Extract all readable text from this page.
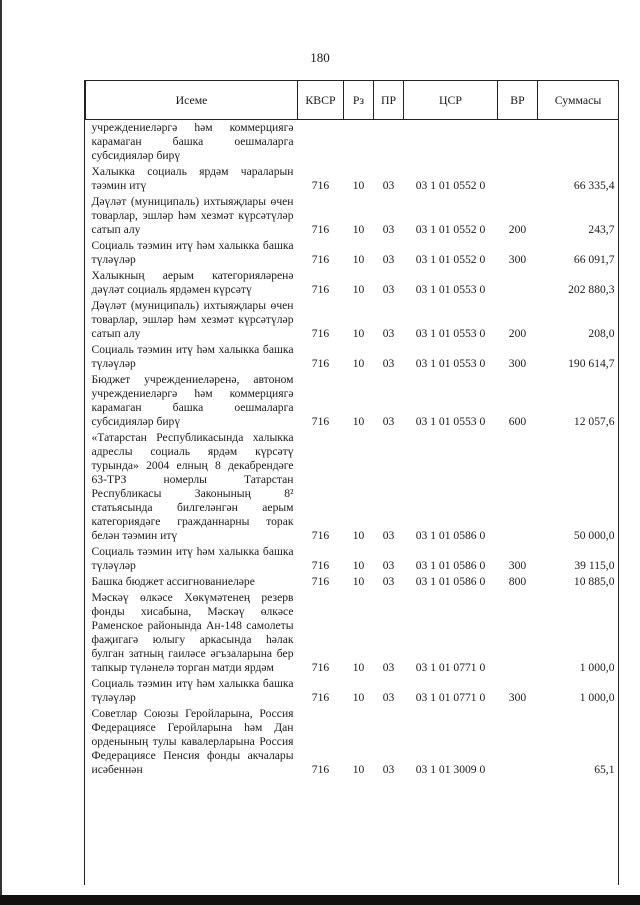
180
Исеме	КВСР	Рз	ПР	ЦСР	ВР	Суммасы
учреждениеләргә һәм коммерциягә карамаган башка оешмаларга субсидияләр бирү						
Халыкка социаль ярдәм чараларын тәэмин итү	716	10	03	03 1 01 0552 0		66 335,4
Дәүләт (муниципаль) ихтыяҗлары өчен товарлар, эшләр һәм хезмәт күрсәтүләр сатып алу	716	10	03	03 1 01 0552 0	200	243,7
Социаль тәэмин итү һәм халыкка башка түләүләр	716	10	03	03 1 01 0552 0	300	66 091,7
Халыкның аерым категорияләренә дәүләт социаль ярдәмен күрсәтү	716	10	03	03 1 01 0553 0		202 880,3
Дәүләт (муниципаль) ихтыяҗлары өчен товарлар, эшләр һәм хезмәт күрсәтүләр сатып алу	716	10	03	03 1 01 0553 0	200	208,0
Социаль тәэмин итү һәм халыкка башка түләүләр	716	10	03	03 1 01 0553 0	300	190 614,7
Бюджет учреждениеләренә, автоном учреждениеләргә һәм коммерциягә карамаган башка оешмаларга субсидияләр бирү	716	10	03	03 1 01 0553 0	600	12 057,6
«Татарстан Республикасында халыкка адреслы социаль ярдәм күрсәтү турында» 2004 елның 8 декабрендәге 63-ТРЗ номерлы Татарстан Республикасы Законының 8² статьясында билгеләнгән аерым категориядәге гражданнарны торак белән тәэмин итү	716	10	03	03 1 01 0586 0		50 000,0
Социаль тәэмин итү һәм халыкка башка түләүләр	716	10	03	03 1 01 0586 0	300	39 115,0
Башка бюджет ассигнованиеләре	716	10	03	03 1 01 0586 0	800	10 885,0
Мәскәү өлкәсе Хөкүмәтенең резерв фонды хисабына, Мәскәү өлкәсе Раменское районында Ан-148 самолеты фаҗигагә юлыгу аркасында һәлак булган затның гаиләсе әгъзаларына бер тапкыр түләнелә торган матди ярдәм	716	10	03	03 1 01 0771 0		1 000,0
Социаль тәэмин итү һәм халыкка башка түләүләр	716	10	03	03 1 01 0771 0	300	1 000,0
Советлар Союзы Геройларына, Россия Федерациясе Геройларына һәм Дан орденының тулы кавалерларына Россия Федерациясе Пенсия фонды акчалары исәбеннән	716	10	03	03 1 01 3009 0		65,1
